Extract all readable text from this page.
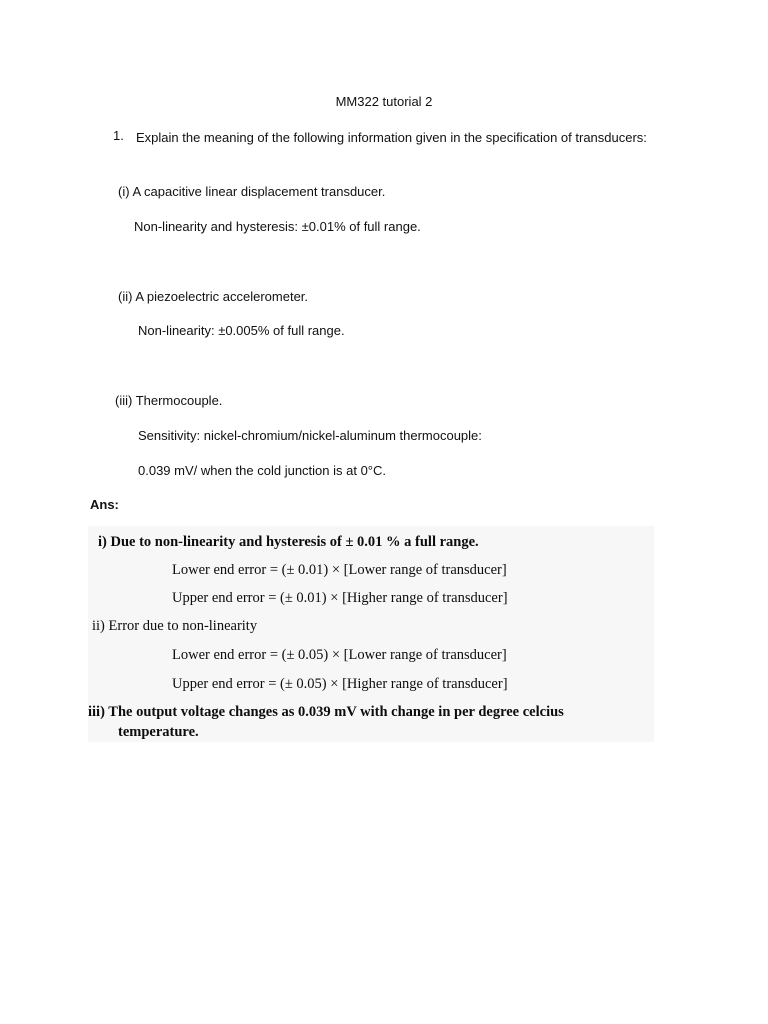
MM322 tutorial 2
1. Explain the meaning of the following information given in the specification of transducers:
(i) A capacitive linear displacement transducer.
Non-linearity and hysteresis: ±0.01% of full range.
(ii) A piezoelectric accelerometer.
Non-linearity: ±0.005% of full range.
(iii) Thermocouple.
Sensitivity: nickel-chromium/nickel-aluminum thermocouple:
0.039 mV/ when the cold junction is at 0°C.
Ans:
i) Due to non-linearity and hysteresis of ± 0.01 % a full range.
Lower end error = (± 0.01) × [Lower range of transducer]
Upper end error = (± 0.01) × [Higher range of transducer]
ii) Error due to non-linearity
Lower end error = (± 0.05) × [Lower range of transducer]
Upper end error = (± 0.05) × [Higher range of transducer]
iii) The output voltage changes as 0.039 mV with change in per degree celcius
temperature.
